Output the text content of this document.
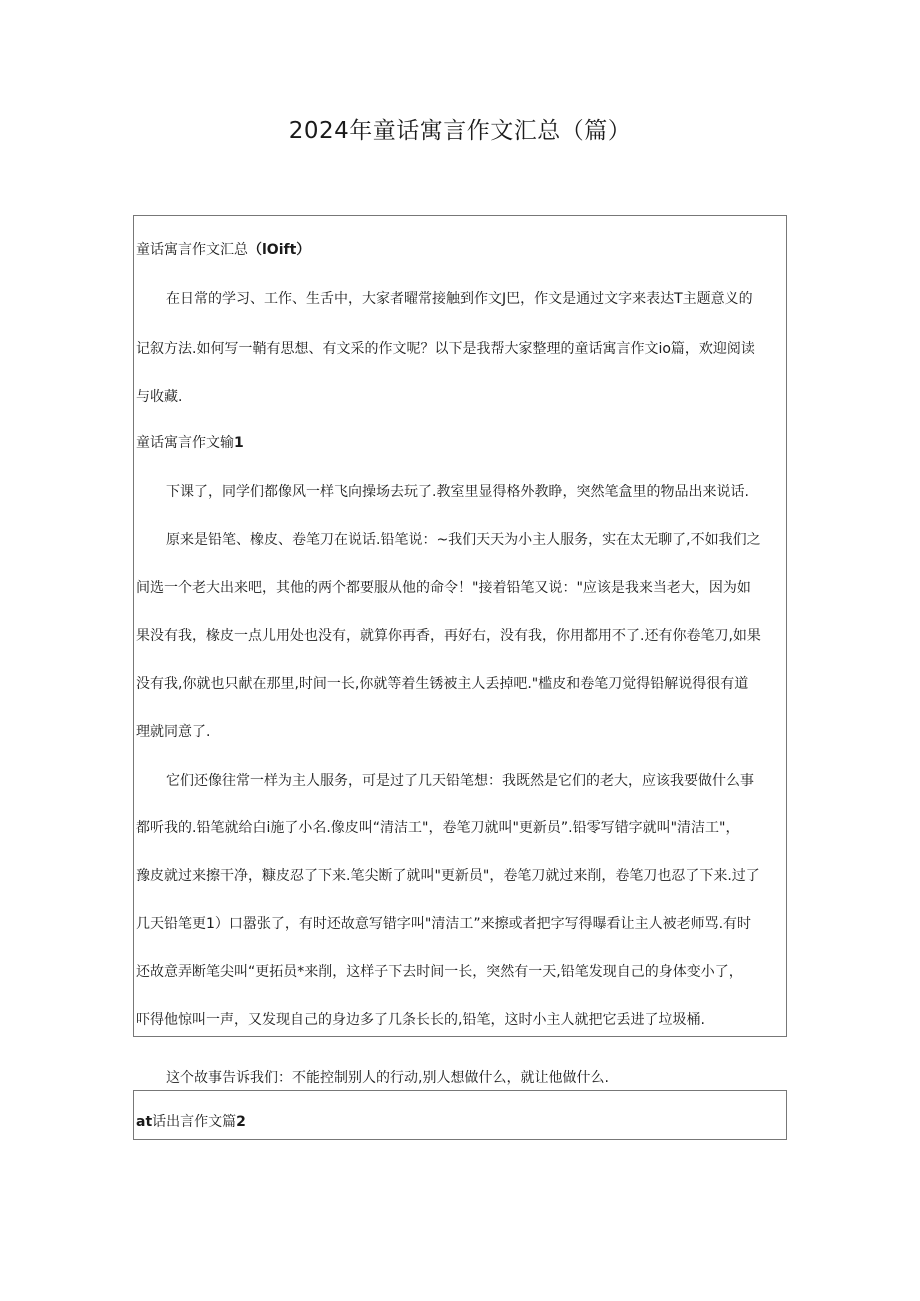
2024年童话寓言作文汇总（篇）
童话寓言作文汇总（lOift）
在日常的学习、工作、生舌中，大家者曜常接触到作文J巴，作文是通过文字来表达T主题意义的
记叙方法.如何写一鞘有思想、有文采的作文呢？以下是我帮大家整理的童话寓言作文io篇，欢迎阅读
与收藏.
童话寓言作文输1
下课了，同学们都像风一样飞向操场去玩了.教室里显得格外教睁，突然笔盒里的物品出来说话.
原来是铅笔、橡皮、卷笔刀在说话.铅笔说：~我们天天为小主人服务，实在太无聊了,不如我们之
间选一个老大出来吧，其他的两个都要服从他的命令！"接着铅笔又说："应该是我来当老大，因为如
果没有我，椽皮一点儿用处也没有，就算你再香，再好右，没有我，你用都用不了.还有你卷笔刀,如果
没有我,你就也只献在那里,时间一长,你就等着生锈被主人丢掉吧."槛皮和卷笔刀觉得铅解说得很有道
理就同意了.
它们还像往常一样为主人服务，可是过了几天铅笔想：我既然是它们的老大，应该我要做什么事
都听我的.铅笔就给白i施了小名.像皮叫“清洁工"，卷笔刀就叫"更新员”.铅零写错字就叫"清洁工"，
豫皮就过来擦干净，糠皮忍了下来.笔尖断了就叫"更新员"，卷笔刀就过来削，卷笔刀也忍了下来.过了
几天铅笔更1）口嚣张了，有时还故意写错字叫"清洁工”来擦或者把字写得曝看让主人被老师骂.有时
还故意弄断笔尖叫“更拓员*来削，这样子下去时间一长，突然有一天,铅笔发现自己的身体变小了，
吓得他惊叫一声，又发现自己的身边多了几条长长的,铅笔，这时小主人就把它丢进了垃圾桶.
这个故事告诉我们：不能控制别人的行动,别人想做什么，就让他做什么.
at话出言作文篇2
